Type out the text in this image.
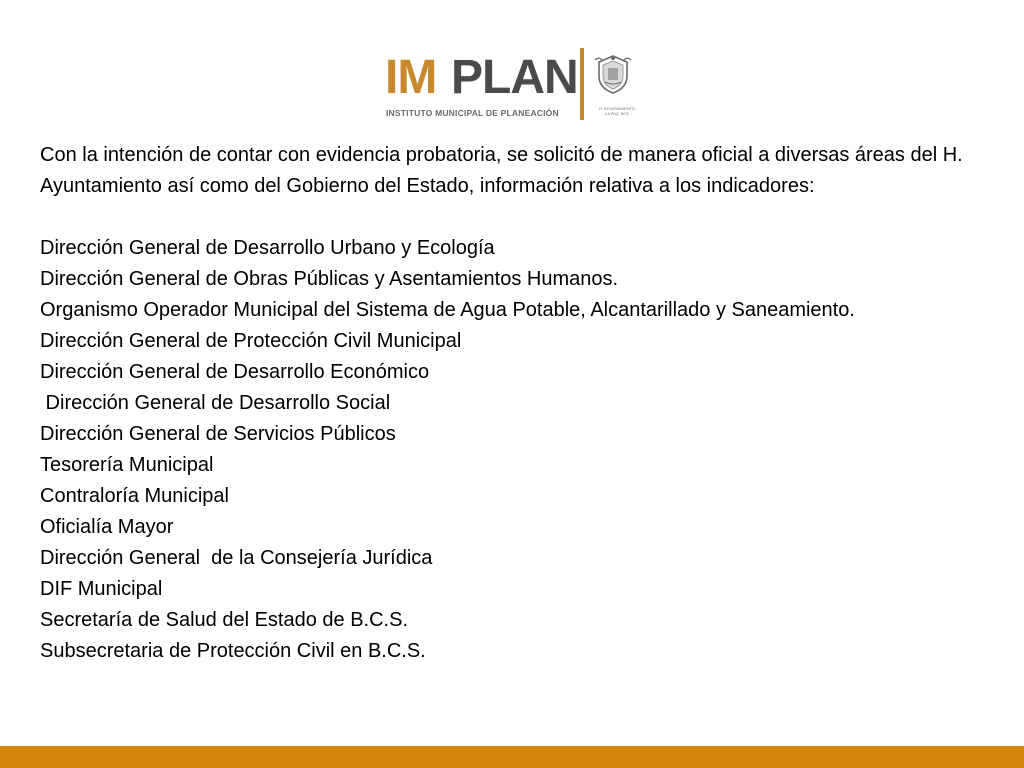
IM PLAN
INSTITUTO MUNICIPAL DE PLANEACIÓN	H. AYUNTAMIENTO LA PAZ, BCS

Con la intención de contar con evidencia probatoria, se solicitó de manera oficial a diversas áreas del H. Ayuntamiento así como del Gobierno del Estado, información relativa a los indicadores:

Dirección General de Desarrollo Urbano y Ecología

Dirección General de Obras Públicas y Asentamientos Humanos.

Organismo Operador Municipal del Sistema de Agua Potable, Alcantarillado y Saneamiento.

Dirección General de Protección Civil Municipal

Dirección General de Desarrollo Económico

Dirección General de Desarrollo Social

Dirección General de Servicios Públicos

Tesorería Municipal

Contraloría Municipal

Oficialía Mayor

Dirección General  de la Consejería Jurídica

DIF Municipal

Secretaría de Salud del Estado de B.C.S.

Subsecretaria de Protección Civil en B.C.S.
